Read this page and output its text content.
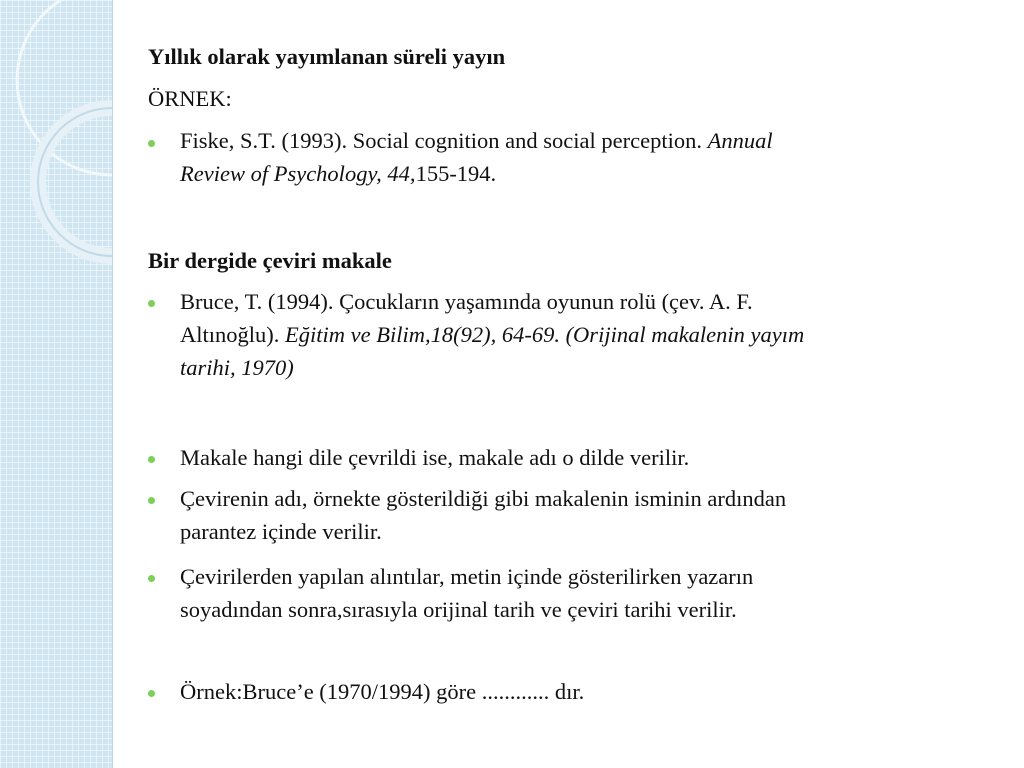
Yıllık olarak yayımlanan süreli yayın
ÖRNEK:
Fiske, S.T. (1993). Social cognition and social perception. Annual
Review of Psychology, 44,155-194.
Bir dergide çeviri makale
Bruce, T. (1994). Çocukların yaşamında oyunun rolü (çev. A. F.
Altınoğlu). Eğitim ve Bilim,18(92), 64-69. (Orijinal makalenin yayım
tarihi, 1970)
Makale hangi dile çevrildi ise, makale adı o dilde verilir.
Çevirenin adı, örnekte gösterildiği gibi makalenin isminin ardından
parantez içinde verilir.
Çevirilerden yapılan alıntılar, metin içinde gösterilirken yazarın
soyadından sonra,sırasıyla orijinal tarih ve çeviri tarihi verilir.
Örnek:Bruce’e (1970/1994) göre ............ dır.
